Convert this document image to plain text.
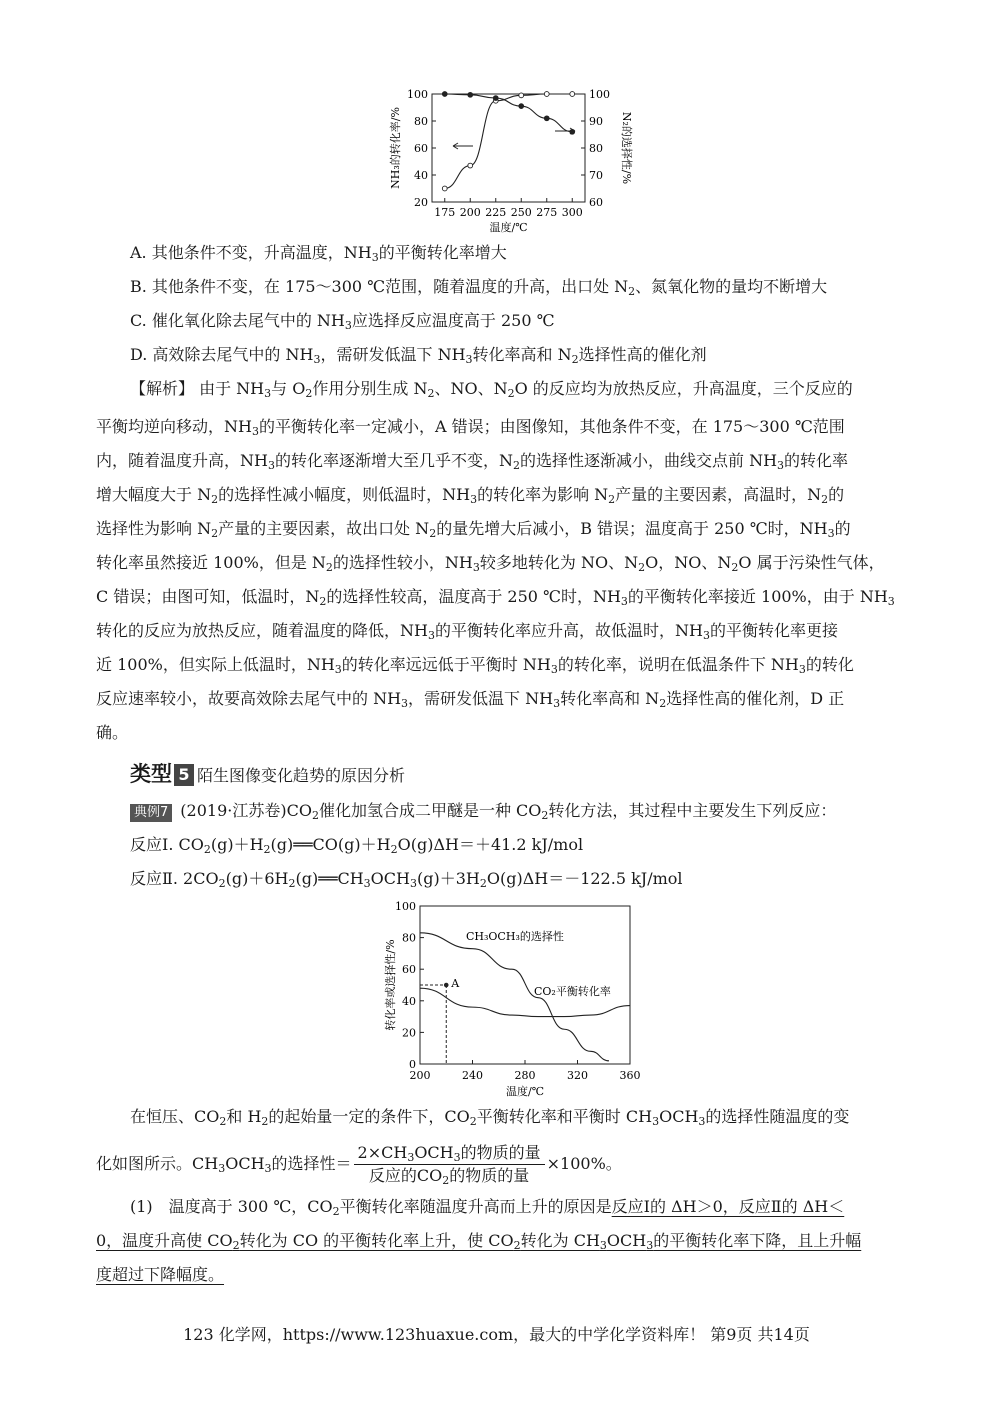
100
80
60
40
20
100
90
80
70
60
175 200 225 250 275 300
温度/℃
NH₃的转化率/%	N₂的选择性/%
A. 其他条件不变，升高温度，$NH_3$的平衡转化率增大
B. 其他条件不变，在 175～300 ℃范围，随着温度的升高，出口处 $N_2$、氮氧化物的量均不断增大
C. 催化氧化除去尾气中的 $NH_3$应选择反应温度高于 250 ℃
D. 高效除去尾气中的 $NH_3$，需研发低温下 $NH_3$转化率高和 $N_2$选择性高的催化剂
【解析】 由于 $NH_3$与 $O_2$作用分别生成 $N_2$、NO、$N_2O$ 的反应均为放热反应，升高温度，三个反应的
平衡均逆向移动，$NH_3$的平衡转化率一定减小，A 错误；由图像知，其他条件不变，在 175～300 ℃范围
内，随着温度升高，$NH_3$的转化率逐渐增大至几乎不变，$N_2$的选择性逐渐减小，曲线交点前 $NH_3$的转化率
增大幅度大于 $N_2$的选择性减小幅度，则低温时，$NH_3$的转化率为影响 $N_2$产量的主要因素，高温时，$N_2$的
选择性为影响 $N_2$产量的主要因素，故出口处 $N_2$的量先增大后减小，B 错误；温度高于 250 ℃时，$NH_3$的
转化率虽然接近 100%，但是 $N_2$的选择性较小，$NH_3$较多地转化为 NO、$N_2O$，NO、$N_2O$ 属于污染性气体，
C 错误；由图可知，低温时，$N_2$的选择性较高，温度高于 250 ℃时，$NH_3$的平衡转化率接近 100%，由于 $NH_3$
转化的反应为放热反应，随着温度的降低，$NH_3$的平衡转化率应升高，故低温时，$NH_3$的平衡转化率更接
近 100%，但实际上低温时，$NH_3$的转化率远远低于平衡时 $NH_3$的转化率，说明在低温条件下 $NH_3$的转化
反应速率较小，故要高效除去尾气中的 $NH_3$，需研发低温下 $NH_3$转化率高和 $N_2$选择性高的催化剂，D 正
确。
类型 5 陌生图像变化趋势的原因分析
典例7 (2019·江苏卷)$CO_2$催化加氢合成二甲醚是一种 $CO_2$转化方法，其过程中主要发生下列反应：
反应Ⅰ. $CO_2(g)+H_2(g)══CO(g)+H_2O(g)\Delta H=+41.2$ kJ/mol
反应Ⅱ. $2CO_2(g)+6H_2(g)══CH_3OCH_3(g)+3H_2O(g)\Delta H=-122.5$ kJ/mol
100
80
60
40
20
0
200	240	280	320	360
温度/℃
转化率或选择性/%
CH₃OCH₃的选择性
CO₂平衡转化率
A
在恒压、$CO_2$和 $H_2$的起始量一定的条件下，$CO_2$平衡转化率和平衡时 $CH_3OCH_3$的选择性随温度的变
化如图所示。$CH_3OCH_3$的选择性＝ $\frac{2\times CH_3OCH_3的物质的量}{反应的CO_2的物质的量} \times 100\%$。
(1)　温度高于 300 ℃，$CO_2$平衡转化率随温度升高而上升的原因是反应Ⅰ的 ΔH＞0，反应Ⅱ的 ΔH＜
0，温度升高使 $CO_2$转化为 CO 的平衡转化率上升，使 $CO_2$转化为 $CH_3OCH_3$的平衡转化率下降，且上升幅
度超过下降幅度。
123 化学网，https://www.123huaxue.com，最大的中学化学资料库！ 第9页 共14页
